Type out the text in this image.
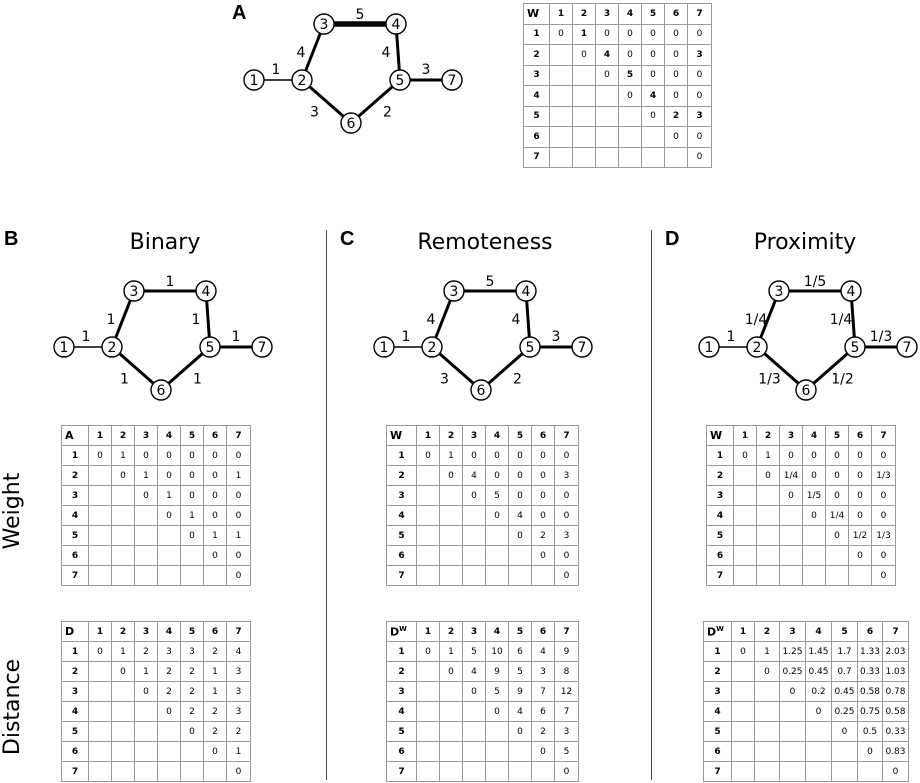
1
4
5
4
3
3	2
1	2
3	4
5
6
7
1
1
1
1
1
1	1
1	2
3	4
5
6
7
1
4
5
4
3
3	2
1	2
3	4
5
6
7
1
1/4
1/5
1/4
1/3
1/3	1/2
1	2
3	4
5
6
7
A
B	C	D
Binary	Remoteness	Proximity
Weight
Distance
W	1	2	3	4	5	6	7
1	0	1	0	0	0	0	0
2		0	4	0	0	0	3
3			0	5	0	0	0
4				0	4	0	0
5					0	2	3
6						0	0
7							0
A	1	2	3	4	5	6	7
1	0	1	0	0	0	0	0
2		0	1	0	0	0	1
3			0	1	0	0	0
4				0	1	0	0
5					0	1	1
6						0	0
7							0
W	1	2	3	4	5	6	7
1	0	1	0	0	0	0	0
2		0	4	0	0	0	3
3			0	5	0	0	0
4				0	4	0	0
5					0	2	3
6						0	0
7							0
W	1	2	3	4	5	6	7
1	0	1	0	0	0	0	0
2		0	1/4	0	0	0	1/3
3			0	1/5	0	0	0
4				0	1/4	0	0
5					0	1/2	1/3
6						0	0
7							0
D	1	2	3	4	5	6	7
1	0	1	2	3	3	2	4
2		0	1	2	2	1	3
3			0	2	2	1	3
4				0	2	2	3
5					0	2	2
6						0	1
7							0
$D^W$	1	2	3	4	5	6	7
1	0	1	5	10	6	4	9
2		0	4	9	5	3	8
3			0	5	9	7	12
4				0	4	6	7
5					0	2	3
6						0	5
7							0
$D^W$	1	2	3	4	5	6	7
1	0	1	1.25	1.45	1.7	1.33	2.03
2		0	0.25	0.45	0.7	0.33	1.03
3			0	0.2	0.45	0.58	0.78
4				0	0.25	0.75	0.58
5					0	0.5	0.33
6						0	0.83
7							0
